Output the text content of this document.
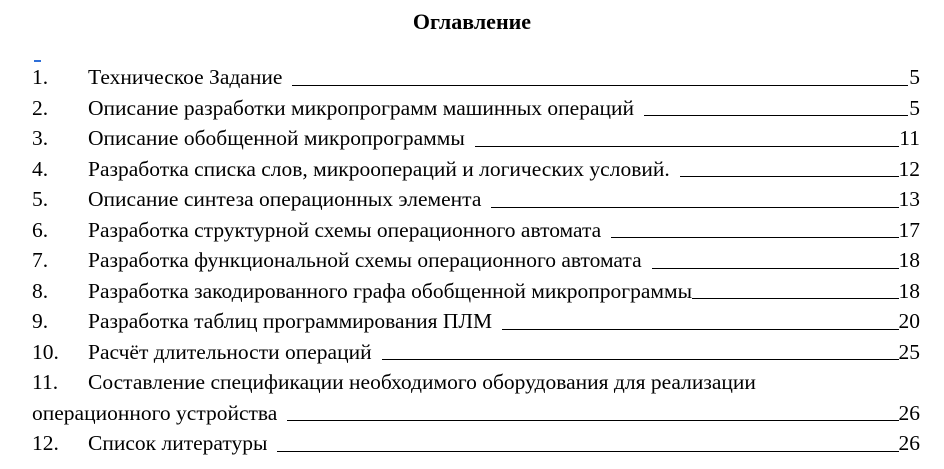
Оглавление
1.	Техническое Задание	5
2.	Описание разработки микропрограмм машинных операций	5
3.	Описание обобщенной микропрограммы	11
4.	Разработка списка слов, микроопераций и логических условий.	12
5.	Описание синтеза операционных элемента	13
6.	Разработка структурной схемы операционного автомата	17
7.	Разработка функциональной схемы операционного автомата	18
8.	Разработка закодированного графа обобщенной микропрограммы	18
9.	Разработка таблиц программирования ПЛМ	20
10.	Расчёт длительности операций	25
11.	Составление спецификации необходимого оборудования для реализации
операционного устройства	26
12.	Список литературы	26
